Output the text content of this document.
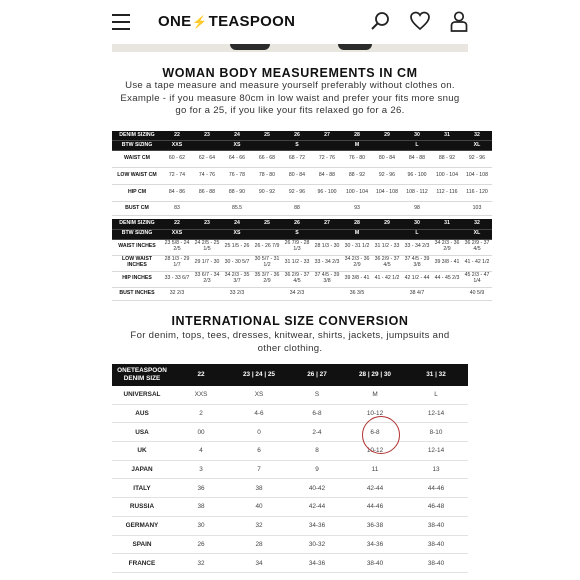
ONE⚡TEASPOON
WOMAN BODY MEASUREMENTS IN CM
Use a tape measure and measure yourself preferably without clothes on. Example - if you measure 80cm in low waist and prefer your fits more snug go for a 25, if you like your fits relaxed go for a 26.
DENIM SIZING	22	23	24	25	26	27	28	29	30	31	32
BTW SIZING	XXS		XS		S		M		L		XL
WAIST CM	60 - 62	62 - 64	64 - 66	66 - 68	68 - 72	72 - 76	76 - 80	80 - 84	84 - 88	88 - 92	92 - 96
LOW WAIST CM	72 - 74	74 - 76	76 - 78	78 - 80	80 - 84	84 - 88	88 - 92	92 - 96	96 - 100	100 - 104	104 - 108
HIP CM	84 - 86	86 - 88	88 - 90	90 - 92	92 - 96	96 - 100	100 - 104	104 - 108	108 - 112	112 - 116	116 - 120
BUST CM	83		85.5		88		93		98		103
DENIM SIZING	22	23	24	25	26	27	28	29	30	31	32
BTW SIZING	XXS		XS		S		M		L		XL
WAIST INCHES	23 5/8 - 24 2/5	24 2/5 - 25 1/5	25 1/5 - 26	26 - 26 7/9	26 7/9 - 28 1/3	28 1/3 - 30	30 - 31 1/2	31 1/2 - 33	33 - 34 2/3	34 2/3 - 36 2/9	36 2/9 - 37 4/5
LOW WAIST INCHES	28 1/3 - 29 1/7	29 1/7 - 30	30 - 30 5/7	30 5/7 - 31 1/2	31 1/2 - 33	33 - 34 2/3	34 2/3 - 36 2/9	36 2/9 - 37 4/5	37 4/5 - 39 3/8	39 3/8 - 41	41 - 42 1/2
HIP INCHES	33 - 33 6/7	33 6/7 - 34 2/3	34 2/3 - 35 3/7	35 3/7 - 36 2/9	36 2/9 - 37 4/5	37 4/5 - 39 3/8	39 3/8 - 41	41 - 42 1/2	42 1/2 - 44	44 - 45 2/3	45 2/3 - 47 1/4
BUST INCHES	32 2/3		33 2/3		34 2/3		36 3/5		38 4/7		40 5/9
INTERNATIONAL SIZE CONVERSION
For denim, tops, tees, dresses, knitwear, shirts, jackets, jumpsuits and other clothing.
ONETEASPOON DENIM SIZE	22	23 | 24 | 25	26 | 27	28 | 29 | 30	31 | 32
UNIVERSAL	XXS	XS	S	M	L
AUS	2	4-6	6-8	10-12	12-14
USA	00	0	2-4	6-8	8-10
UK	4	6	8	10-12	12-14
JAPAN	3	7	9	11	13
ITALY	36	38	40-42	42-44	44-46
RUSSIA	38	40	42-44	44-46	46-48
GERMANY	30	32	34-36	36-38	38-40
SPAIN	26	28	30-32	34-36	38-40
FRANCE	32	34	34-36	38-40	38-40
